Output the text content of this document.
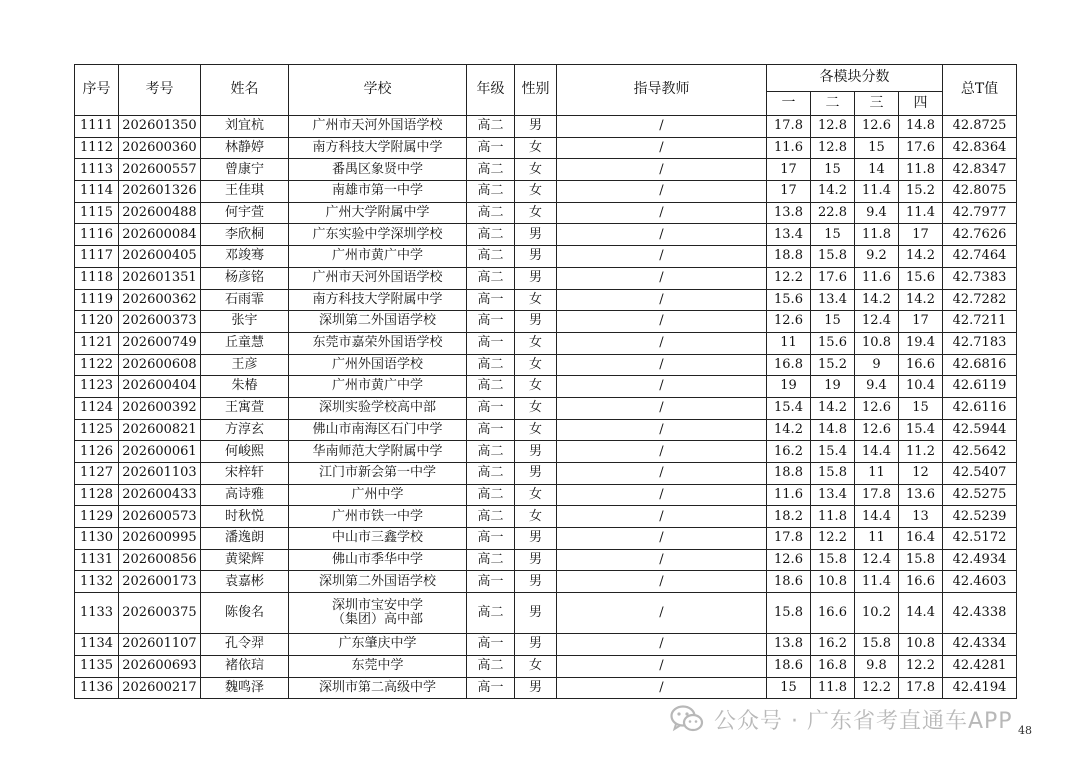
序号	考号	姓名	学校	年级	性别	指导教师	各模块分数				总T值
							一	二	三	四	
1111	202601350	刘宜杭	广州市天河外国语学校	高二	男	/	17.8	12.8	12.6	14.8	42.8725
1112	202600360	林静婷	南方科技大学附属中学	高一	女	/	11.6	12.8	15	17.6	42.8364
1113	202600557	曾康宁	番禺区象贤中学	高二	女	/	17	15	14	11.8	42.8347
1114	202601326	王佳琪	南雄市第一中学	高二	女	/	17	14.2	11.4	15.2	42.8075
1115	202600488	何宇萱	广州大学附属中学	高二	女	/	13.8	22.8	9.4	11.4	42.7977
1116	202600084	李欣桐	广东实验中学深圳学校	高二	男	/	13.4	15	11.8	17	42.7626
1117	202600405	邓竣骞	广州市黄广中学	高二	男	/	18.8	15.8	9.2	14.2	42.7464
1118	202601351	杨彦铭	广州市天河外国语学校	高二	男	/	12.2	17.6	11.6	15.6	42.7383
1119	202600362	石雨霏	南方科技大学附属中学	高一	女	/	15.6	13.4	14.2	14.2	42.7282
1120	202600373	张宇	深圳第二外国语学校	高一	男	/	12.6	15	12.4	17	42.7211
1121	202600749	丘童慧	东莞市嘉荣外国语学校	高一	女	/	11	15.6	10.8	19.4	42.7183
1122	202600608	王彦	广州外国语学校	高二	女	/	16.8	15.2	9	16.6	42.6816
1123	202600404	朱椿	广州市黄广中学	高二	女	/	19	19	9.4	10.4	42.6119
1124	202600392	王寓萱	深圳实验学校高中部	高一	女	/	15.4	14.2	12.6	15	42.6116
1125	202600821	方淳玄	佛山市南海区石门中学	高一	女	/	14.2	14.8	12.6	15.4	42.5944
1126	202600061	何峻熙	华南师范大学附属中学	高二	男	/	16.2	15.4	14.4	11.2	42.5642
1127	202601103	宋梓轩	江门市新会第一中学	高二	男	/	18.8	15.8	11	12	42.5407
1128	202600433	高诗雅	广州中学	高二	女	/	11.6	13.4	17.8	13.6	42.5275
1129	202600573	时秋悦	广州市铁一中学	高二	女	/	18.2	11.8	14.4	13	42.5239
1130	202600995	潘逸朗	中山市三鑫学校	高一	男	/	17.8	12.2	11	16.4	42.5172
1131	202600856	黄梁辉	佛山市季华中学	高二	男	/	12.6	15.8	12.4	15.8	42.4934
1132	202600173	袁嘉彬	深圳第二外国语学校	高一	男	/	18.6	10.8	11.4	16.6	42.4603
1133	202600375	陈俊名	深圳市宝安中学
（集团）高中部	高二	男	/	15.8	16.6	10.2	14.4	42.4338
1134	202601107	孔令羿	广东肇庆中学	高一	男	/	13.8	16.2	15.8	10.8	42.4334
1135	202600693	褚依琂	东莞中学	高二	女	/	18.6	16.8	9.8	12.2	42.4281
1136	202600217	魏鸣泽	深圳市第二高级中学	高一	男	/	15	11.8	12.2	17.8	42.4194
公众号 · 广东省考直通车APP 48
